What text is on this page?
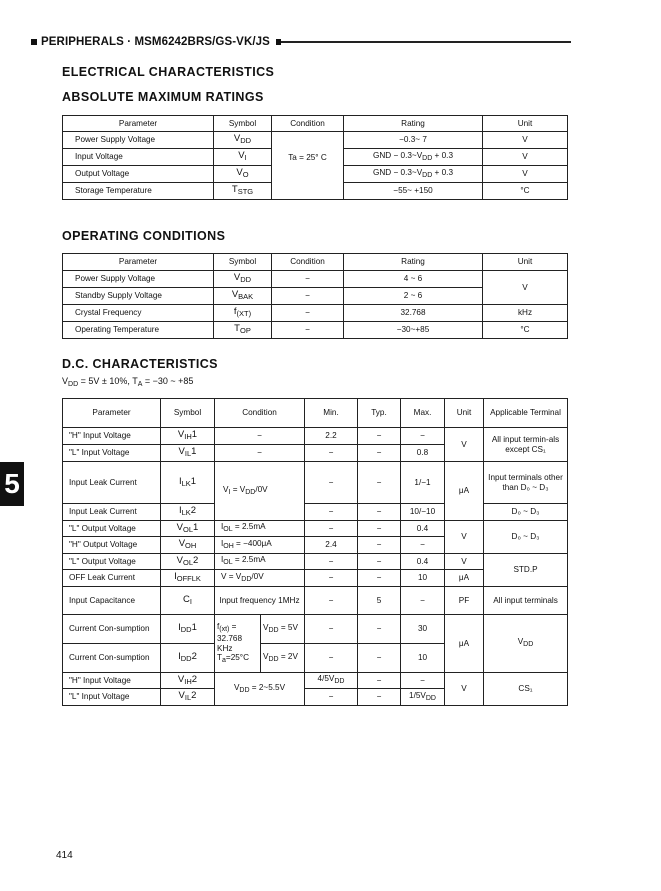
PERIPHERALS · MSM6242BRS/GS-VK/JS
ELECTRICAL CHARACTERISTICS
ABSOLUTE MAXIMUM RATINGS
Parameter	Symbol	Condition	Rating	Unit
Power Supply Voltage	$V_{DD}$	Ta = 25° C	−0.3~ 7	V
Input Voltage	$V_I$		GND − $0.3\sim V_{DD} + 0.3$	V
Output Voltage	$V_O$		GND − $0.3\sim V_{DD} + 0.3$	V
Storage Temperature	$T_{STG}$		−55~ +150	°C
OPERATING CONDITIONS
Parameter	Symbol	Condition	Rating	Unit
Power Supply Voltage	$V_{DD}$	−	4 ~ 6	V
Standby Supply Voltage	$V_{BAK}$	−	2 ~ 6	
Crystal Frequency	$f_{(XT)}$	−	32.768	kHz
Operating Temperature	$T_{OP}$	−	−30~+85	°C
D.C. CHARACTERISTICS
$V_{DD} = 5V \pm 10\%$, $T_A = -30$ ~ +85
5
Parameter	Symbol	Condition		Min.	Typ.	Max.	Unit	Applicable Terminal
"H" Input Voltage	$V_{IH}1$	−		2.2	−	−	V	All input termin-als except CS₁
"L" Input Voltage	$V_{IL}1$	−		−	−	0.8		
Input Leak Current	$I_{LK}1$	$V_I = V_{DD}/0V$		−	−	1/−1	μA	Input terminals other than D₀ ~ D₃
Input Leak Current	$I_{LK}2$			−	−	10/−10		D₀ ~ D₃
"L" Output Voltage	$V_{OL}1$	$I_{OL} = 2.5mA$		−	−	0.4	V	D₀ ~ D₃
"H" Output Voltage	$V_{OH}$	$I_{OH} = -400\mu A$		2.4	−	−		
"L" Output Voltage	$V_{OL}2$	$I_{OL} = 2.5mA$		−	−	0.4	V	STD.P
OFF Leak Current	$I_{OFFLK}$	$V = V_{DD}/0V$		−	−	10	μA	
Input Capacitance	$C_I$	Input frequency 1MHz		−	5	−	PF	All input terminals
Current Con-sumption	$I_{DD}1$	$f_{(xt)} = 32.768$ KHz $T_a=25^\circ C$	$V_{DD} = 5V$	−	−	30	μA	$V_{DD}$
Current Con-sumption	$I_{DD}2$		$V_{DD} = 2V$	−	−	10		
"H" Input Voltage	$V_{IH}2$	$V_{DD}$ = 2~5.5V		$4/5V_{DD}$	−	−	V	CS₁
"L" Input Voltage	$V_{IL}2$			−	−	$1/5V_{DD}$
414
